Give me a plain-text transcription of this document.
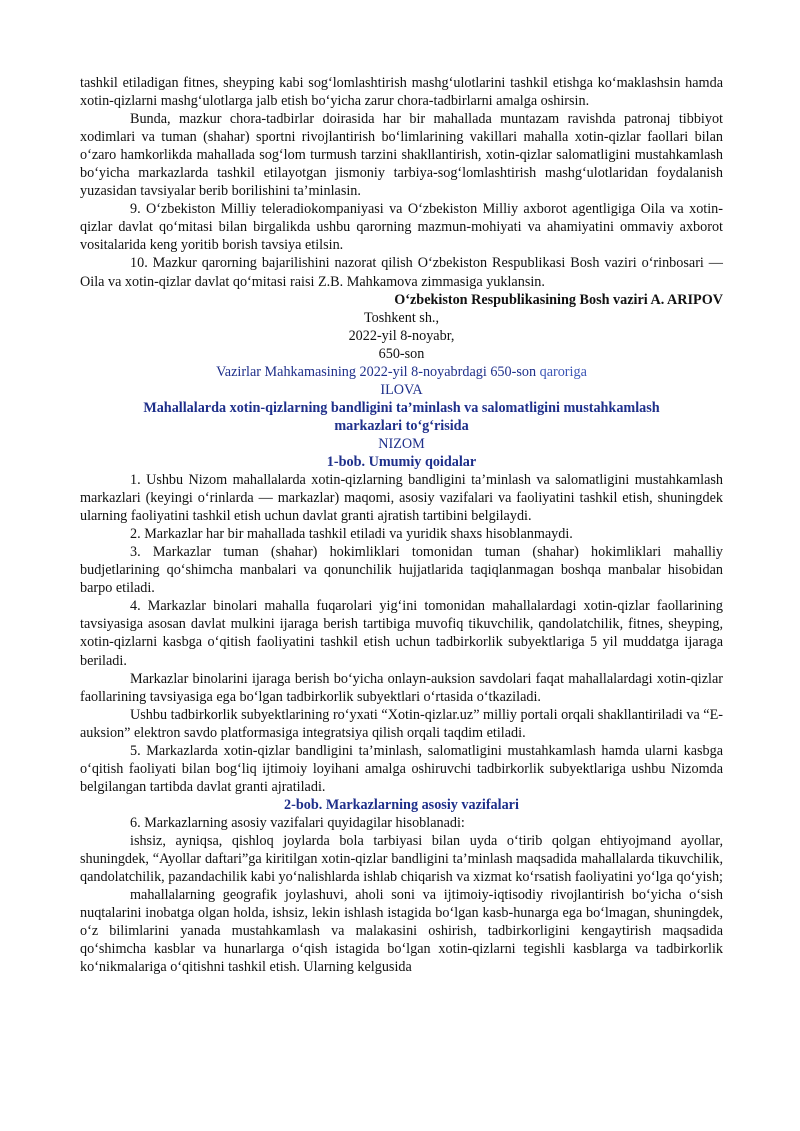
tashkil etiladigan fitnes, sheyping kabi sog‘lomlashtirish mashg‘ulotlarini tashkil etishga ko‘maklashsin hamda xotin-qizlarni mashg‘ulotlarga jalb etish bo‘yicha zarur chora-tadbirlarni amalga oshirsin.

Bunda, mazkur chora-tadbirlar doirasida har bir mahallada muntazam ravishda patronaj tibbiyot xodimlari va tuman (shahar) sportni rivojlantirish bo‘limlarining vakillari mahalla xotin-qizlar faollari bilan o‘zaro hamkorlikda mahallada sog‘lom turmush tarzini shakllantirish, xotin-qizlar salomatligini mustahkamlash bo‘yicha markazlarda tashkil etilayotgan jismoniy tarbiya-sog‘lomlashtirish mashg‘ulotlaridan foydalanish yuzasidan tavsiyalar berib borilishini ta’minlasin.

9. O‘zbekiston Milliy teleradiokompaniyasi va O‘zbekiston Milliy axborot agentligiga Oila va xotin-qizlar davlat qo‘mitasi bilan birgalikda ushbu qarorning mazmun-mohiyati va ahamiyatini ommaviy axborot vositalarida keng yoritib borish tavsiya etilsin.

10. Mazkur qarorning bajarilishini nazorat qilish O‘zbekiston Respublikasi Bosh vaziri o‘rinbosari — Oila va xotin-qizlar davlat qo‘mitasi raisi Z.B. Mahkamova zimmasiga yuklansin.

O‘zbekiston Respublikasining Bosh vaziri A. ARIPOV

Toshkent sh.,

2022-yil 8-noyabr,

650-son

Vazirlar Mahkamasining 2022-yil 8-noyabrdagi 650-son qaroriga

ILOVA

Mahallalarda xotin-qizlarning bandligini ta’minlash va salomatligini mustahkamlash
markazlari to‘g‘risida

NIZOM

1-bob. Umumiy qoidalar

1. Ushbu Nizom mahallalarda xotin-qizlarning bandligini ta’minlash va salomatligini mustahkamlash markazlari (keyingi o‘rinlarda — markazlar) maqomi, asosiy vazifalari va faoliyatini tashkil etish, shuningdek ularning faoliyatini tashkil etish uchun davlat granti ajratish tartibini belgilaydi.

2. Markazlar har bir mahallada tashkil etiladi va yuridik shaxs hisoblanmaydi.

3. Markazlar tuman (shahar) hokimliklari tomonidan tuman (shahar) hokimliklari mahalliy budjetlarining qo‘shimcha manbalari va qonunchilik hujjatlarida taqiqlanmagan boshqa manbalar hisobidan barpo etiladi.

4. Markazlar binolari mahalla fuqarolari yig‘ini tomonidan mahallalardagi xotin-qizlar faollarining tavsiyasiga asosan davlat mulkini ijaraga berish tartibiga muvofiq tikuvchilik, qandolatchilik, fitnes, sheyping, xotin-qizlarni kasbga o‘qitish faoliyatini tashkil etish uchun tadbirkorlik subyektlariga 5 yil muddatga ijaraga beriladi.

Markazlar binolarini ijaraga berish bo‘yicha onlayn-auksion savdolari faqat mahallalardagi xotin-qizlar faollarining tavsiyasiga ega bo‘lgan tadbirkorlik subyektlari o‘rtasida o‘tkaziladi.

Ushbu tadbirkorlik subyektlarining ro‘yxati “Xotin-qizlar.uz” milliy portali orqali shakllantiriladi va “E-auksion” elektron savdo platformasiga integratsiya qilish orqali taqdim etiladi.

5. Markazlarda xotin-qizlar bandligini ta’minlash, salomatligini mustahkamlash hamda ularni kasbga o‘qitish faoliyati bilan bog‘liq ijtimoiy loyihani amalga oshiruvchi tadbirkorlik subyektlariga ushbu Nizomda belgilangan tartibda davlat granti ajratiladi.

2-bob. Markazlarning asosiy vazifalari

6. Markazlarning asosiy vazifalari quyidagilar hisoblanadi:

ishsiz, ayniqsa, qishloq joylarda bola tarbiyasi bilan uyda o‘tirib qolgan ehtiyojmand ayollar, shuningdek, “Ayollar daftari”ga kiritilgan xotin-qizlar bandligini ta’minlash maqsadida mahallalarda tikuvchilik, qandolatchilik, pazandachilik kabi yo‘nalishlarda ishlab chiqarish va xizmat ko‘rsatish faoliyatini yo‘lga qo‘yish;

mahallalarning geografik joylashuvi, aholi soni va ijtimoiy-iqtisodiy rivojlantirish bo‘yicha o‘sish nuqtalarini inobatga olgan holda, ishsiz, lekin ishlash istagida bo‘lgan kasb-hunarga ega bo‘lmagan, shuningdek, o‘z bilimlarini yanada mustahkamlash va malakasini oshirish, tadbirkorligini kengaytirish maqsadida qo‘shimcha kasblar va hunarlarga o‘qish istagida bo‘lgan xotin-qizlarni tegishli kasblarga va tadbirkorlik ko‘nikmalariga o‘qitishni tashkil etish. Ularning kelgusida
